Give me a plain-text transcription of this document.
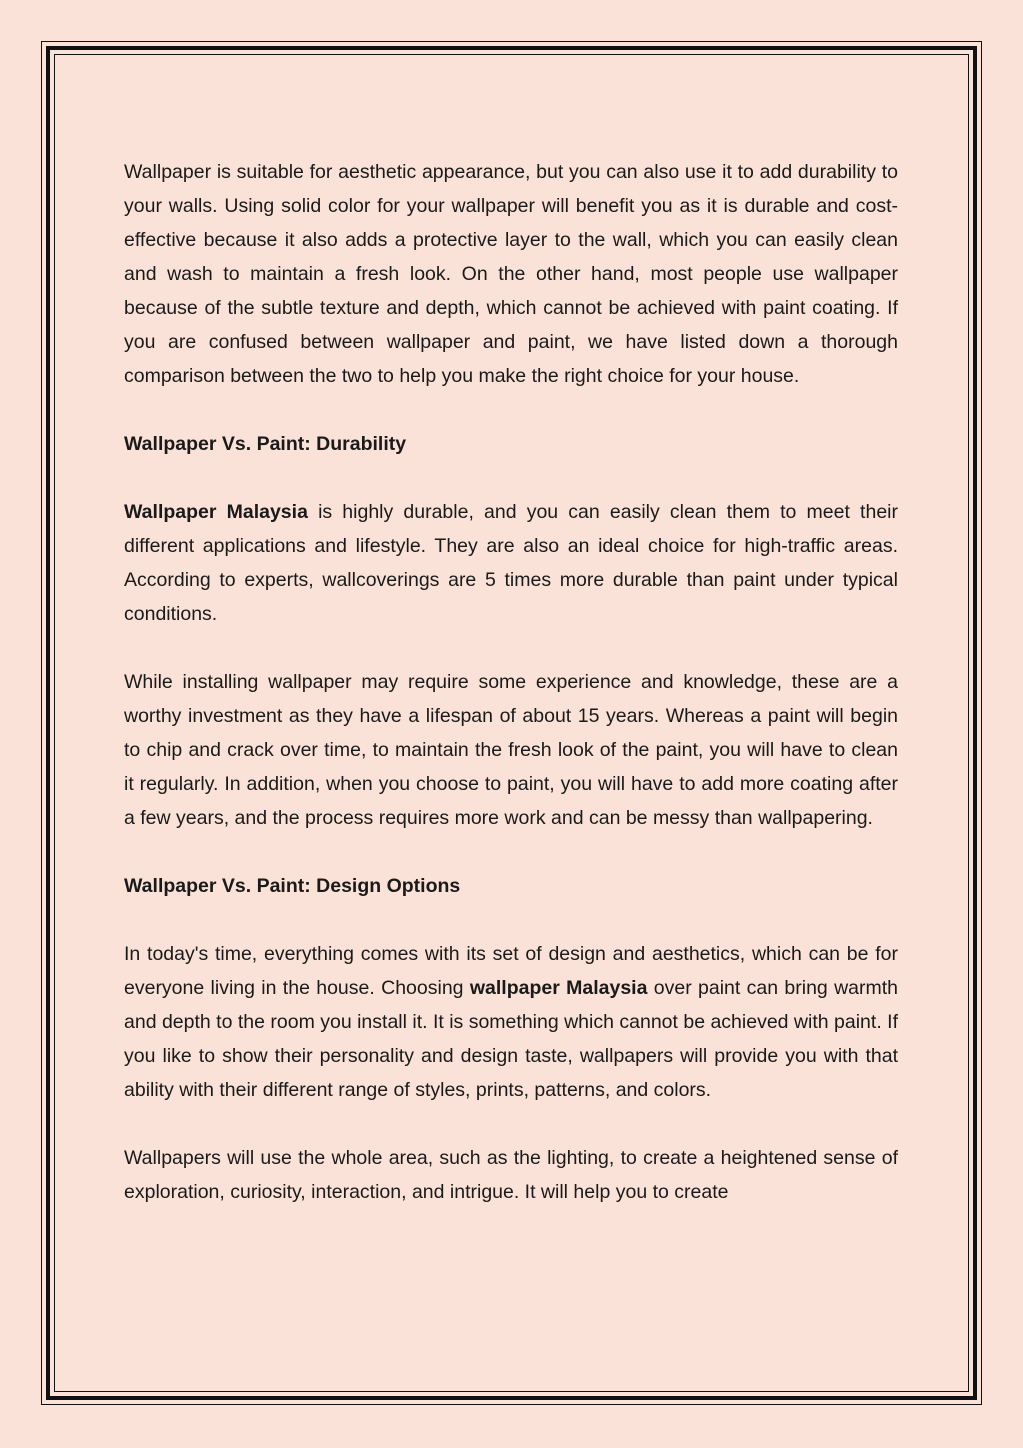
Wallpaper is suitable for aesthetic appearance, but you can also use it to add durability to your walls. Using solid color for your wallpaper will benefit you as it is durable and cost-effective because it also adds a protective layer to the wall, which you can easily clean and wash to maintain a fresh look. On the other hand, most people use wallpaper because of the subtle texture and depth, which cannot be achieved with paint coating. If you are confused between wallpaper and paint, we have listed down a thorough comparison between the two to help you make the right choice for your house.

Wallpaper Vs. Paint: Durability

Wallpaper Malaysia is highly durable, and you can easily clean them to meet their different applications and lifestyle. They are also an ideal choice for high-traffic areas. According to experts, wallcoverings are 5 times more durable than paint under typical conditions.

While installing wallpaper may require some experience and knowledge, these are a worthy investment as they have a lifespan of about 15 years. Whereas a paint will begin to chip and crack over time, to maintain the fresh look of the paint, you will have to clean it regularly. In addition, when you choose to paint, you will have to add more coating after a few years, and the process requires more work and can be messy than wallpapering.

Wallpaper Vs. Paint: Design Options

In today's time, everything comes with its set of design and aesthetics, which can be for everyone living in the house. Choosing wallpaper Malaysia over paint can bring warmth and depth to the room you install it. It is something which cannot be achieved with paint. If you like to show their personality and design taste, wallpapers will provide you with that ability with their different range of styles, prints, patterns, and colors.

Wallpapers will use the whole area, such as the lighting, to create a heightened sense of exploration, curiosity, interaction, and intrigue. It will help you to create
